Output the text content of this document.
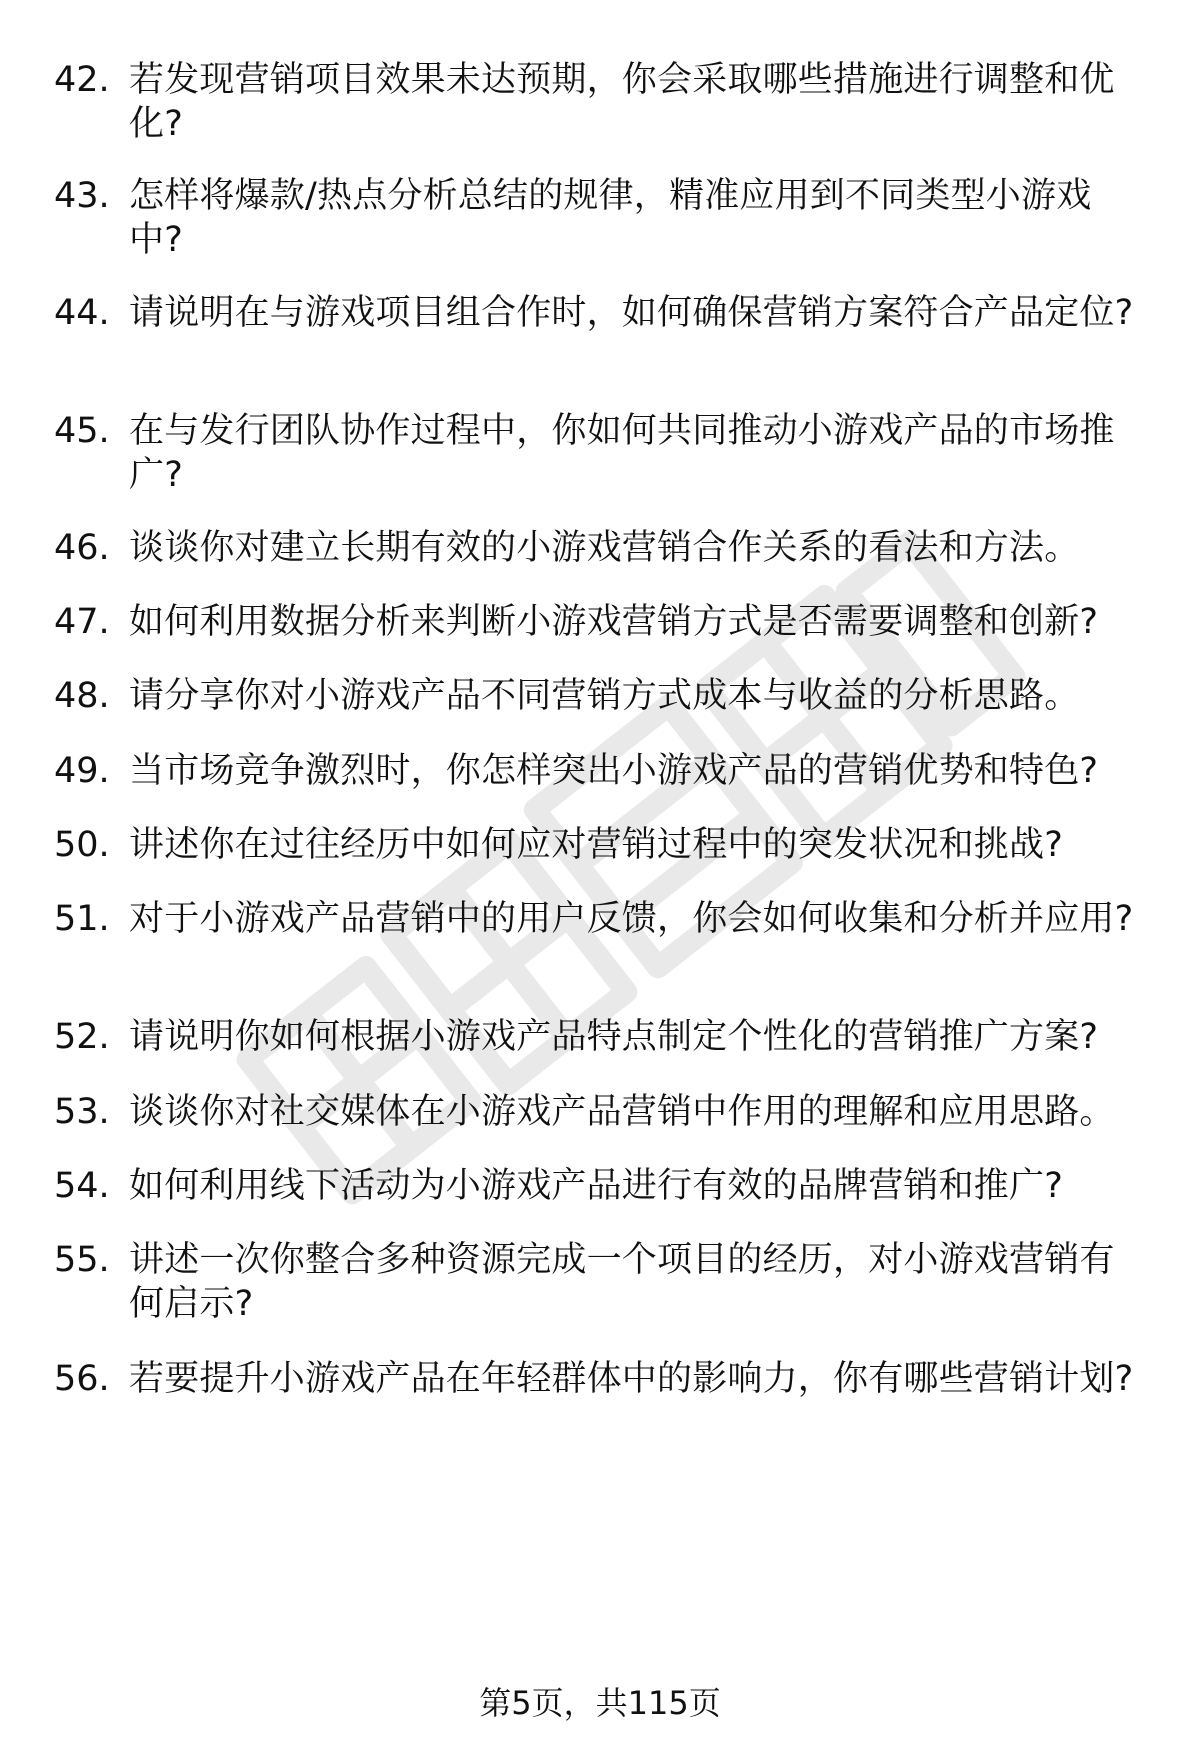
42. 若发现营销项目效果未达预期，你会采取哪些措施进行调整和优化?
43. 怎样将爆款/热点分析总结的规律，精准应用到不同类型小游戏中?
44. 请说明在与游戏项目组合作时，如何确保营销方案符合产品定位?
45. 在与发行团队协作过程中，你如何共同推动小游戏产品的市场推广?
46. 谈谈你对建立长期有效的小游戏营销合作关系的看法和方法。
47. 如何利用数据分析来判断小游戏营销方式是否需要调整和创新?
48. 请分享你对小游戏产品不同营销方式成本与收益的分析思路。
49. 当市场竞争激烈时，你怎样突出小游戏产品的营销优势和特色?
50. 讲述你在过往经历中如何应对营销过程中的突发状况和挑战?
51. 对于小游戏产品营销中的用户反馈，你会如何收集和分析并应用?
52. 请说明你如何根据小游戏产品特点制定个性化的营销推广方案?
53. 谈谈你对社交媒体在小游戏产品营销中作用的理解和应用思路。
54. 如何利用线下活动为小游戏产品进行有效的品牌营销和推广?
55. 讲述一次你整合多种资源完成一个项目的经历，对小游戏营销有何启示?
56. 若要提升小游戏产品在年轻群体中的影响力，你有哪些营销计划?
第5页，共115页
